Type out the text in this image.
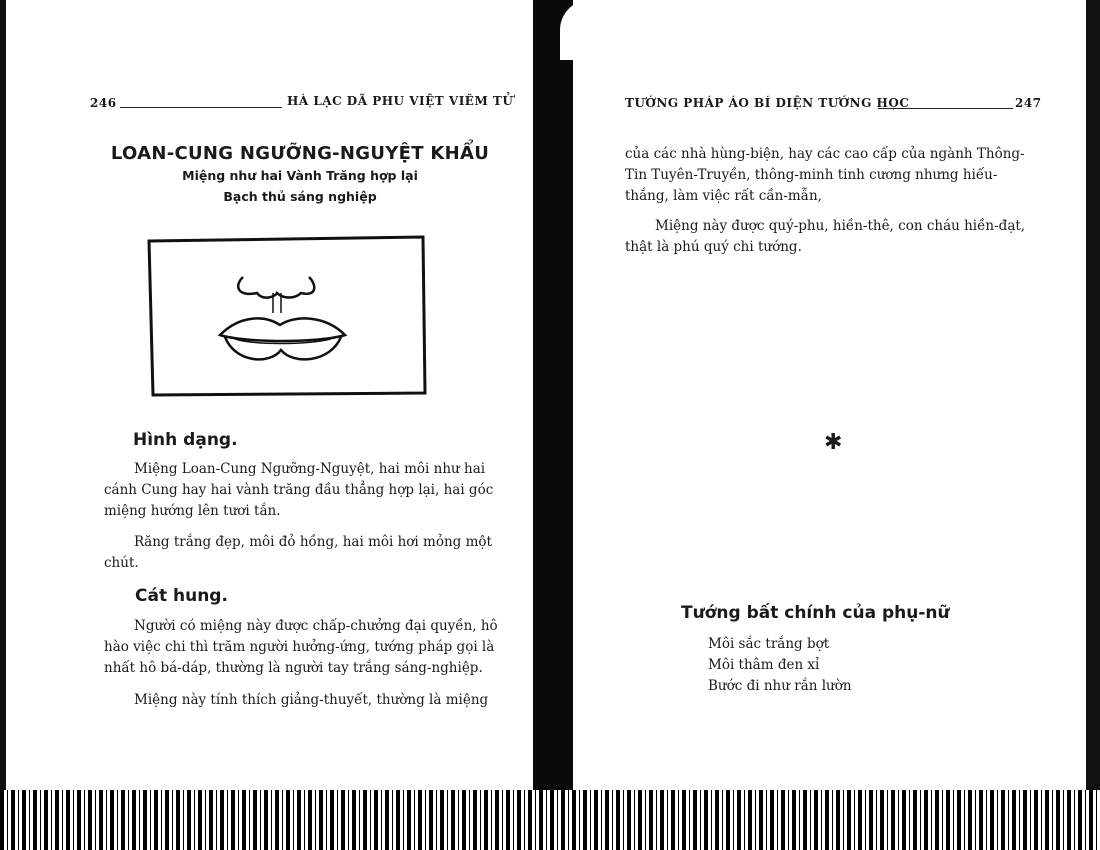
246	HÀ LẠC DÃ PHU VIỆT VIÊM TỬ
LOAN-CUNG NGƯỠNG-NGUYỆT KHẨU
Miệng như hai Vành Trăng hợp lại
Bạch thủ sáng nghiệp
Hình dạng.
Miệng Loan-Cung Ngưỡng-Nguyệt, hai môi như hai
cánh Cung hay hai vành trăng đầu thẳng hợp lại, hai góc
miệng hướng lên tươi tắn.
Răng trắng đẹp, môi đỏ hồng, hai môi hơi mỏng một
chút.
Cát hung.
Người có miệng này được chấp-chưởng đại quyền, hô
hào việc chi thì trăm người hưởng-ứng, tướng pháp gọi là
nhất hô bá-dáp, thường là người tay trắng sáng-nghiệp.
Miệng này tính thích giảng-thuyết, thường là miệng
TƯỚNG PHÁP ÁO BÍ DIỆN TƯỚNG HỌC	247
của các nhà hùng-biện, hay các cao cấp của ngành Thông-
Tin Tuyên-Truyền, thông-minh tinh cương nhưng hiếu-
thắng, làm việc rất cần-mẫn,
Miệng này được quý-phu, hiền-thê, con cháu hiền-đạt,
thật là phú quý chi tướng.
✱
Tướng bất chính của phụ-nữ
Môi sắc trắng bợt
Môi thâm đen xỉ
Bước đi như rắn lườn
